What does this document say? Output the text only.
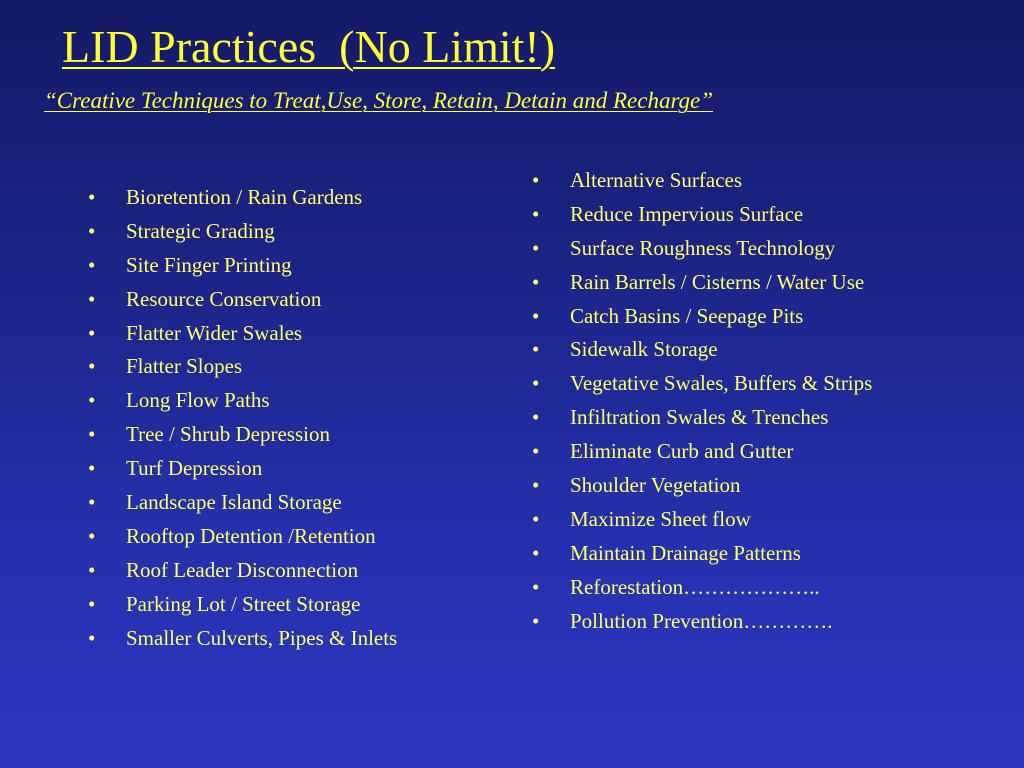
LID Practices  (No Limit!)

“Creative Techniques to Treat,Use, Store, Retain, Detain and Recharge”

• Bioretention / Rain Gardens
• Strategic Grading
• Site Finger Printing
• Resource Conservation
• Flatter Wider Swales
• Flatter Slopes
• Long Flow Paths
• Tree / Shrub Depression
• Turf Depression
• Landscape Island Storage
• Rooftop Detention /Retention
• Roof Leader Disconnection
• Parking Lot / Street Storage
• Smaller Culverts, Pipes & Inlets
• Alternative Surfaces
• Reduce Impervious Surface
• Surface Roughness Technology
• Rain Barrels / Cisterns / Water Use
• Catch Basins / Seepage Pits
• Sidewalk Storage
• Vegetative Swales, Buffers & Strips
• Infiltration Swales & Trenches
• Eliminate Curb and Gutter
• Shoulder Vegetation
• Maximize Sheet flow
• Maintain Drainage Patterns
• Reforestation………………..
• Pollution Prevention………….
